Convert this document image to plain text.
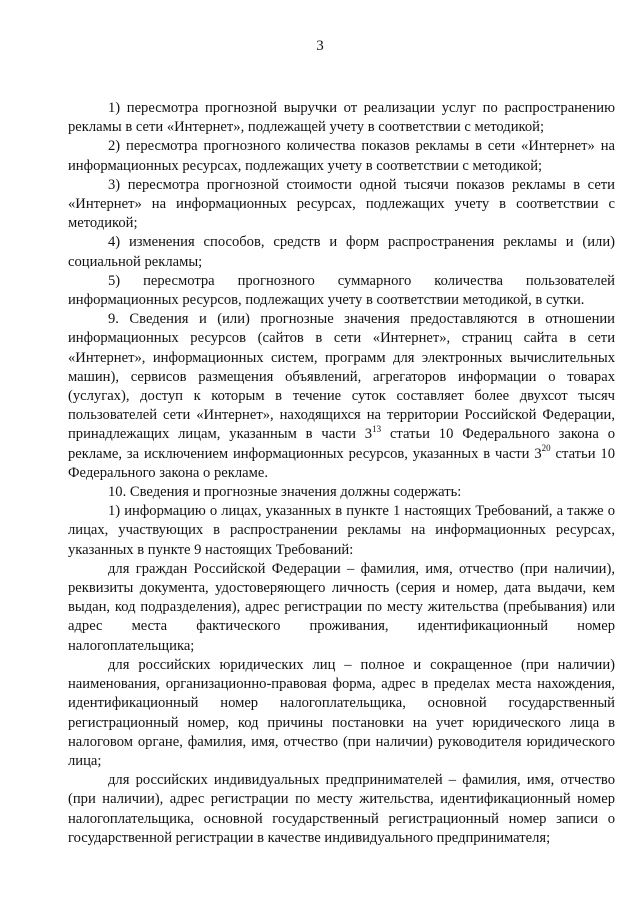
3

1) пересмотра прогнозной выручки от реализации услуг по распространению рекламы в сети «Интернет», подлежащей учету в соответствии с методикой;

2) пересмотра прогнозного количества показов рекламы в сети «Интернет» на информационных ресурсах, подлежащих учету в соответствии с методикой;

3) пересмотра прогнозной стоимости одной тысячи показов рекламы в сети «Интернет» на информационных ресурсах, подлежащих учету в соответствии с методикой;

4) изменения способов, средств и форм распространения рекламы и (или) социальной рекламы;

5) пересмотра прогнозного суммарного количества пользователей информационных ресурсов, подлежащих учету в соответствии методикой, в сутки.

9. Сведения и (или) прогнозные значения предоставляются в отношении информационных ресурсов (сайтов в сети «Интернет», страниц сайта в сети «Интернет», информационных систем, программ для электронных вычислительных машин), сервисов размещения объявлений, агрегаторов информации о товарах (услугах), доступ к которым в течение суток составляет более двухсот тысяч пользователей сети «Интернет», находящихся на территории Российской Федерации, принадлежащих лицам, указанным в части $3^{13}$ статьи 10 Федерального закона о рекламе, за исключением информационных ресурсов, указанных в части $3^{20}$ статьи 10 Федерального закона о рекламе.

10. Сведения и прогнозные значения должны содержать:

1) информацию о лицах, указанных в пункте 1 настоящих Требований, а также о лицах, участвующих в распространении рекламы на информационных ресурсах, указанных в пункте 9 настоящих Требований:

для граждан Российской Федерации – фамилия, имя, отчество (при наличии), реквизиты документа, удостоверяющего личность (серия и номер, дата выдачи, кем выдан, код подразделения), адрес регистрации по месту жительства (пребывания) или адрес места фактического проживания, идентификационный номер налогоплательщика;

для российских юридических лиц – полное и сокращенное (при наличии) наименования, организационно-правовая форма, адрес в пределах места нахождения, идентификационный номер налогоплательщика, основной государственный регистрационный номер, код причины постановки на учет юридического лица в налоговом органе, фамилия, имя, отчество (при наличии) руководителя юридического лица;

для российских индивидуальных предпринимателей – фамилия, имя, отчество (при наличии), адрес регистрации по месту жительства, идентификационный номер налогоплательщика, основной государственный регистрационный номер записи о государственной регистрации в качестве индивидуального предпринимателя;
